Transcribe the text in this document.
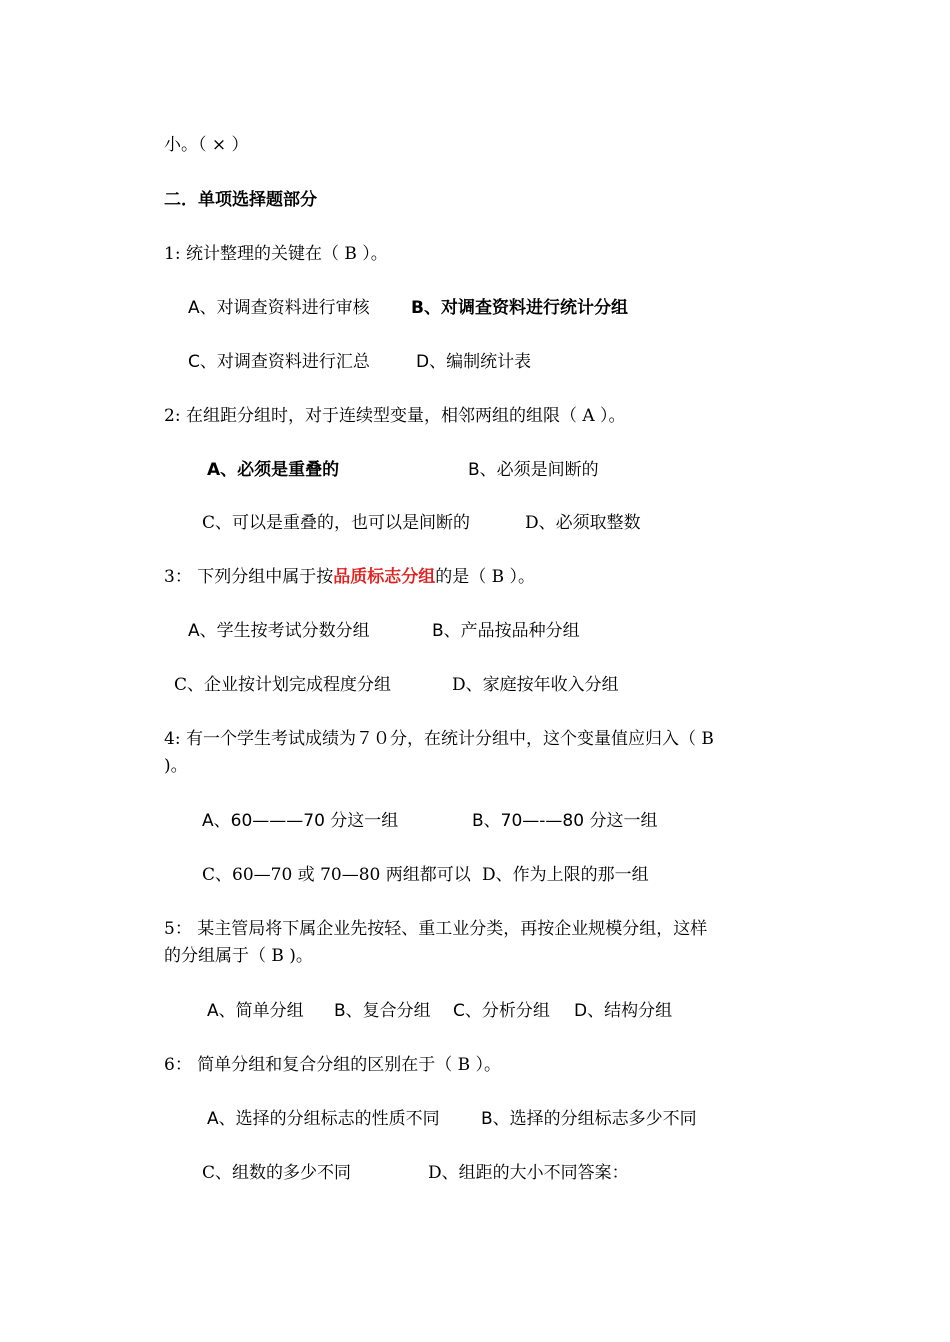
小。（ × ）
二．单项选择题部分
1: 统计整理的关键在（ B ）。
A、对调查资料进行审核 B、对调查资料进行统计分组
C、对调查资料进行汇总	D、编制统计表
2: 在组距分组时，对于连续型变量，相邻两组的组限（ A ）。
A、必须是重叠的	B、必须是间断的
C、可以是重叠的，也可以是间断的	D、必须取整数
3： 下列分组中属于按品质标志分组的是（ B ）。
A、学生按考试分数分组	B、产品按品种分组
C、企业按计划完成程度分组	D、家庭按年收入分组
4: 有一个学生考试成绩为７０分，在统计分组中，这个变量值应归入（ B
)。
A、60———70 分这一组	B、70—-—80 分这一组
C、60—70 或 70—80 两组都可以 D、作为上限的那一组
5： 某主管局将下属企业先按轻、重工业分类，再按企业规模分组，这样
的分组属于（ B )。
A、简单分组 B、复合分组 C、分析分组 D、结构分组
6： 简单分组和复合分组的区别在于（ B ）。
A、选择的分组标志的性质不同 B、选择的分组标志多少不同
C、组数的多少不同	D、组距的大小不同答案：
